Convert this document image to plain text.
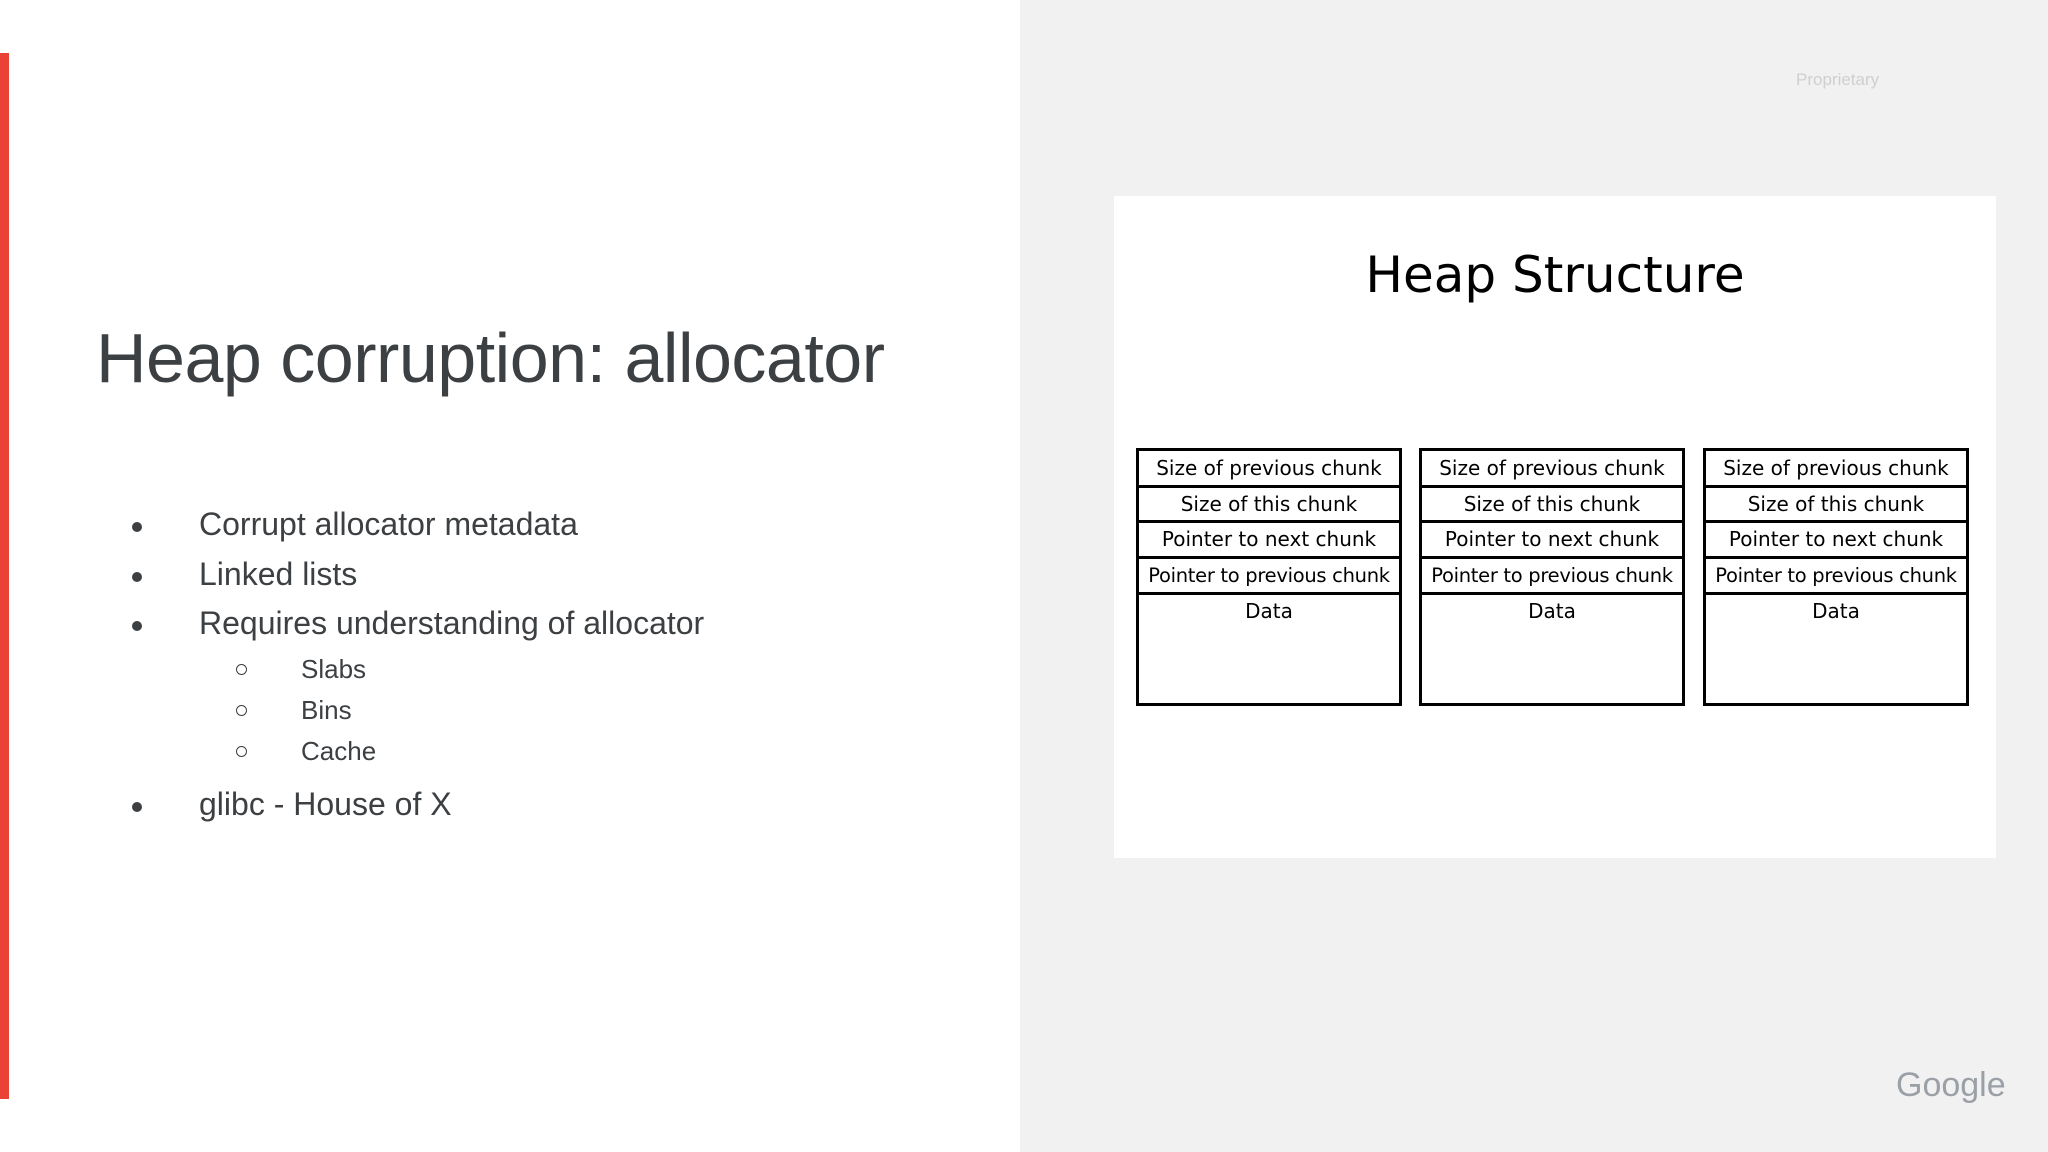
Heap corruption: allocator
Corrupt allocator metadata
Linked lists
Requires understanding of allocator
Slabs
Bins
Cache
glibc - House of X
Proprietary
Heap Structure
Size of previous chunk
Size of this chunk
Pointer to next chunk
Pointer to previous chunk
Data
Size of previous chunk
Size of this chunk
Pointer to next chunk
Pointer to previous chunk
Data
Size of previous chunk
Size of this chunk
Pointer to next chunk
Pointer to previous chunk
Data
Google
